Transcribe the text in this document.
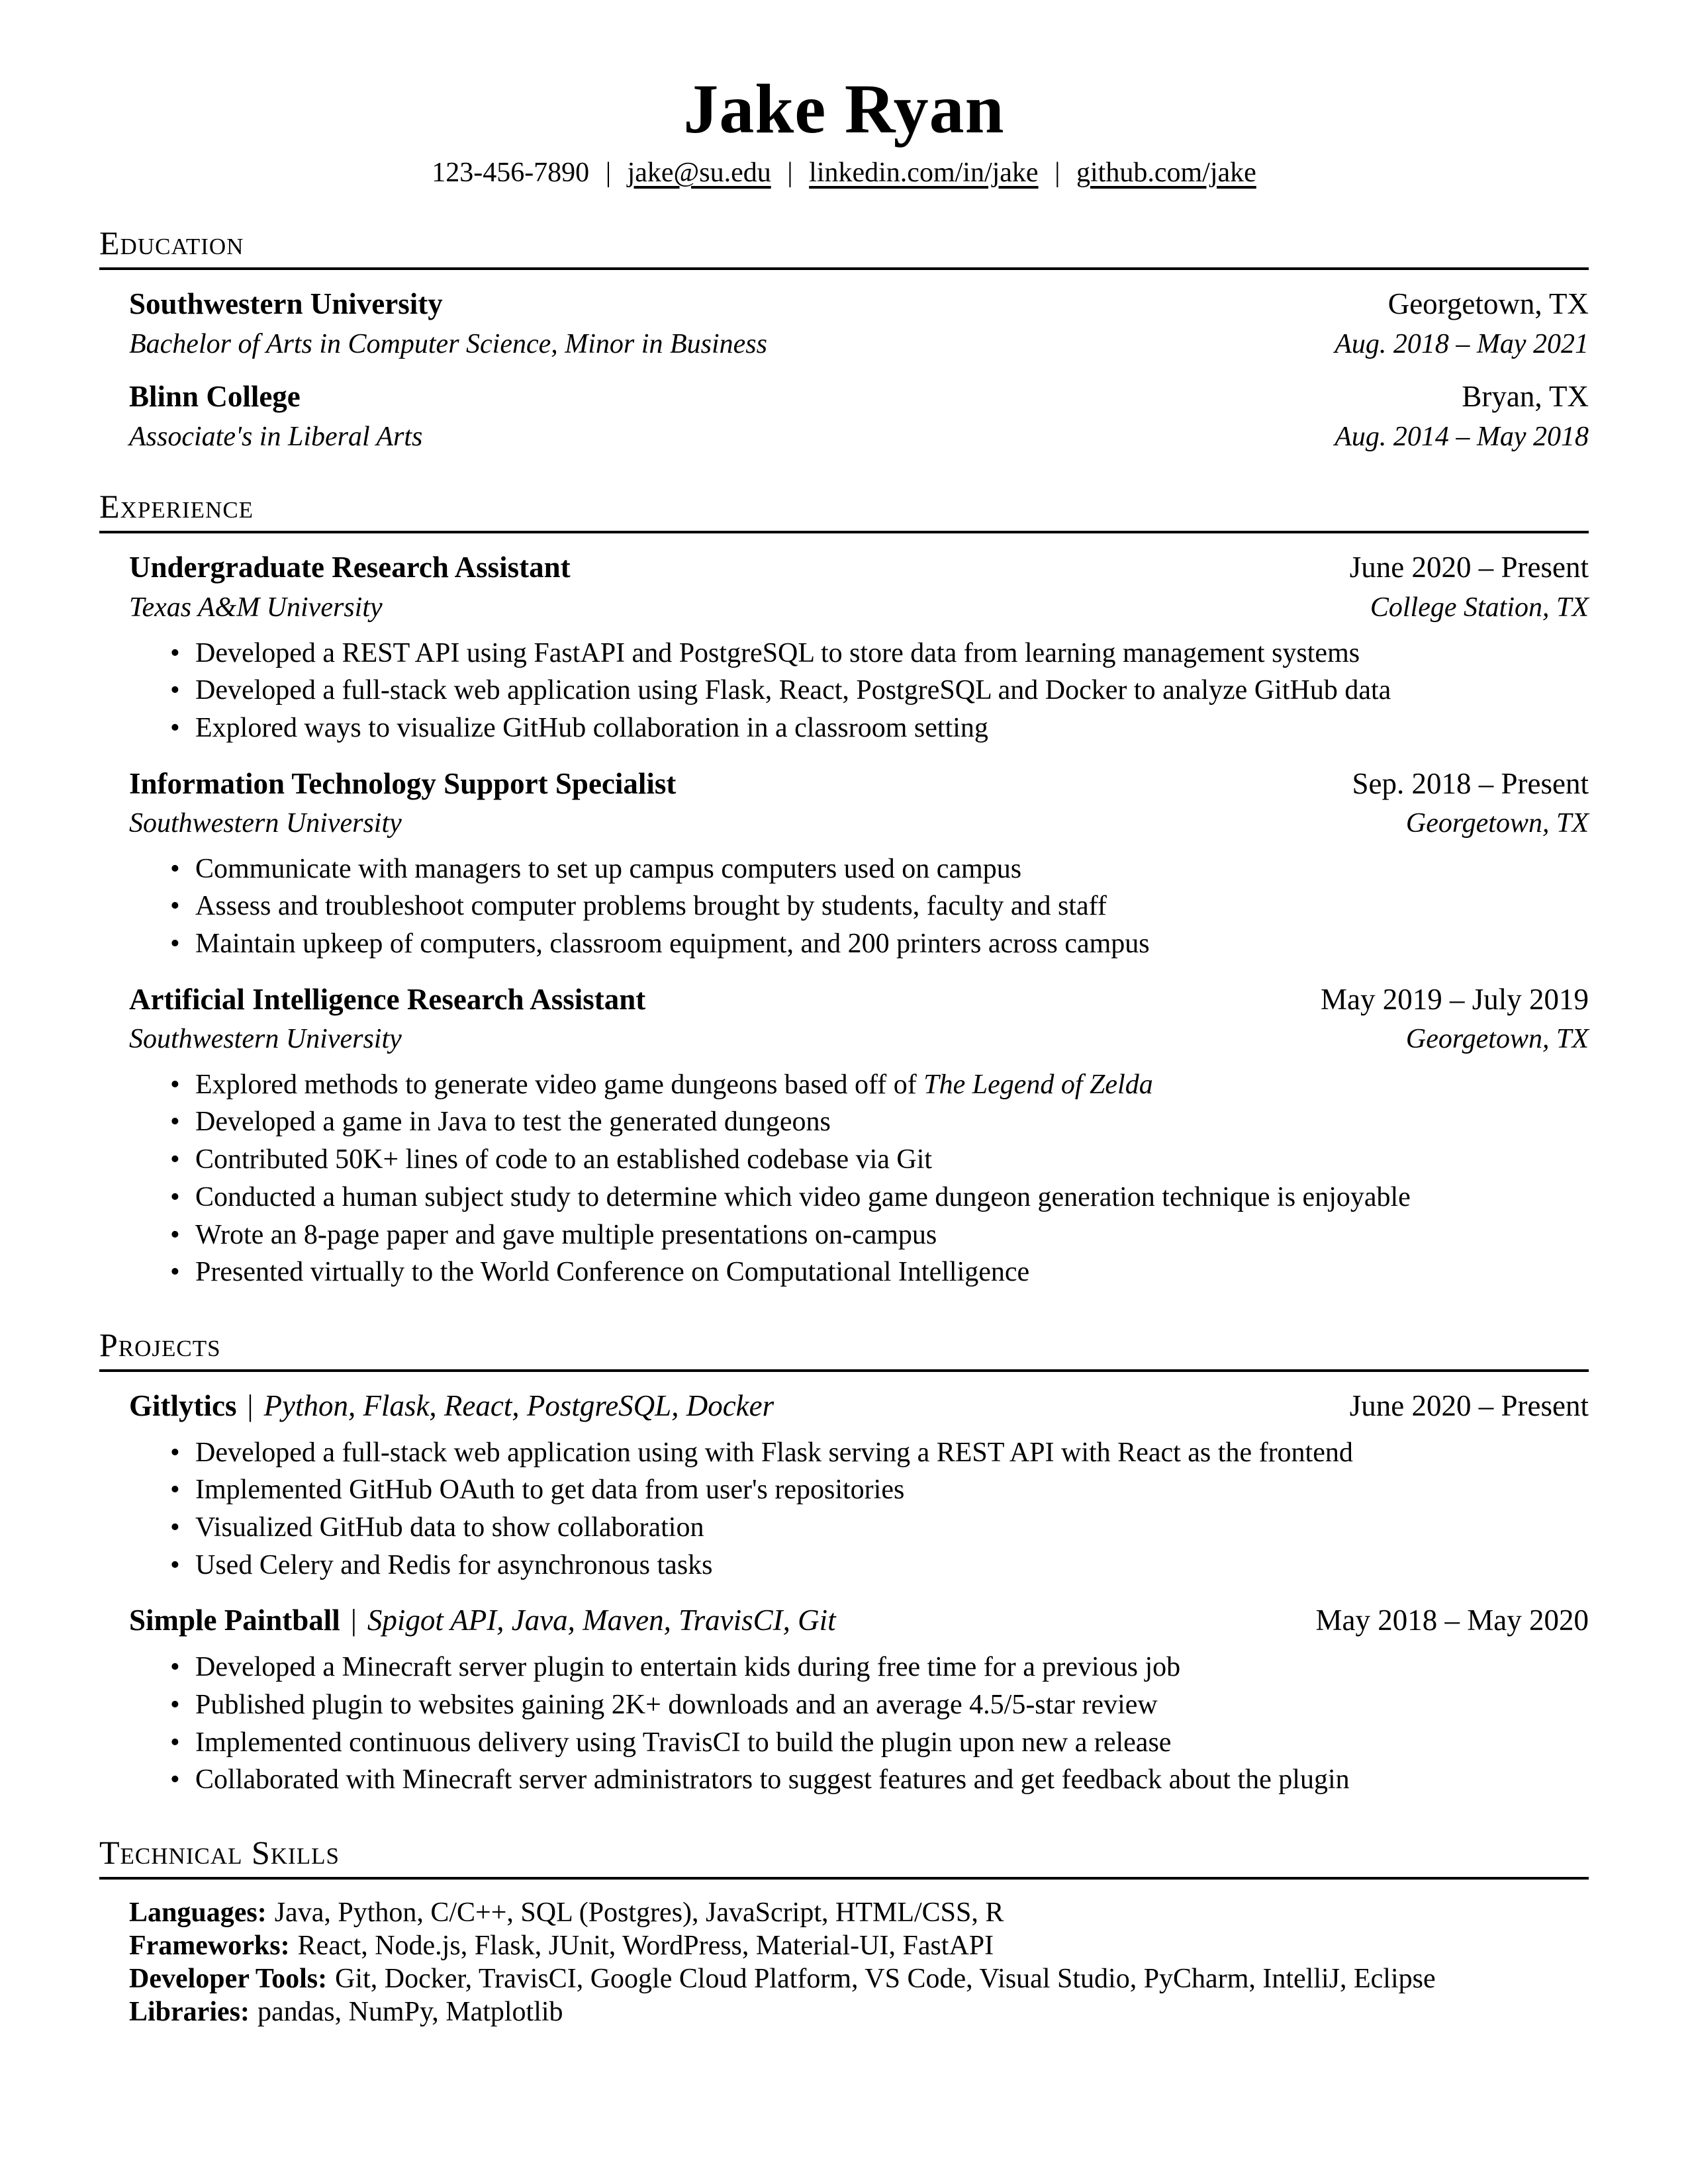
Jake Ryan
123-456-7890 | jake@su.edu | linkedin.com/in/jake | github.com/jake
Education
Southwestern University	Georgetown, TX
Bachelor of Arts in Computer Science, Minor in Business	Aug. 2018 – May 2021
Blinn College	Bryan, TX
Associate's in Liberal Arts	Aug. 2014 – May 2018
Experience
Undergraduate Research Assistant	June 2020 – Present
Texas A&M University	College Station, TX
• Developed a REST API using FastAPI and PostgreSQL to store data from learning management systems
• Developed a full-stack web application using Flask, React, PostgreSQL and Docker to analyze GitHub data
• Explored ways to visualize GitHub collaboration in a classroom setting
Information Technology Support Specialist	Sep. 2018 – Present
Southwestern University	Georgetown, TX
• Communicate with managers to set up campus computers used on campus
• Assess and troubleshoot computer problems brought by students, faculty and staff
• Maintain upkeep of computers, classroom equipment, and 200 printers across campus
Artificial Intelligence Research Assistant	May 2019 – July 2019
Southwestern University	Georgetown, TX
• Explored methods to generate video game dungeons based off of The Legend of Zelda
• Developed a game in Java to test the generated dungeons
• Contributed 50K+ lines of code to an established codebase via Git
• Conducted a human subject study to determine which video game dungeon generation technique is enjoyable
• Wrote an 8-page paper and gave multiple presentations on-campus
• Presented virtually to the World Conference on Computational Intelligence
Projects
Gitlytics | Python, Flask, React, PostgreSQL, Docker	June 2020 – Present
• Developed a full-stack web application using with Flask serving a REST API with React as the frontend
• Implemented GitHub OAuth to get data from user's repositories
• Visualized GitHub data to show collaboration
• Used Celery and Redis for asynchronous tasks
Simple Paintball | Spigot API, Java, Maven, TravisCI, Git	May 2018 – May 2020
• Developed a Minecraft server plugin to entertain kids during free time for a previous job
• Published plugin to websites gaining 2K+ downloads and an average 4.5/5-star review
• Implemented continuous delivery using TravisCI to build the plugin upon new a release
• Collaborated with Minecraft server administrators to suggest features and get feedback about the plugin
Technical Skills
Languages: Java, Python, C/C++, SQL (Postgres), JavaScript, HTML/CSS, R
Frameworks: React, Node.js, Flask, JUnit, WordPress, Material-UI, FastAPI
Developer Tools: Git, Docker, TravisCI, Google Cloud Platform, VS Code, Visual Studio, PyCharm, IntelliJ, Eclipse
Libraries: pandas, NumPy, Matplotlib
